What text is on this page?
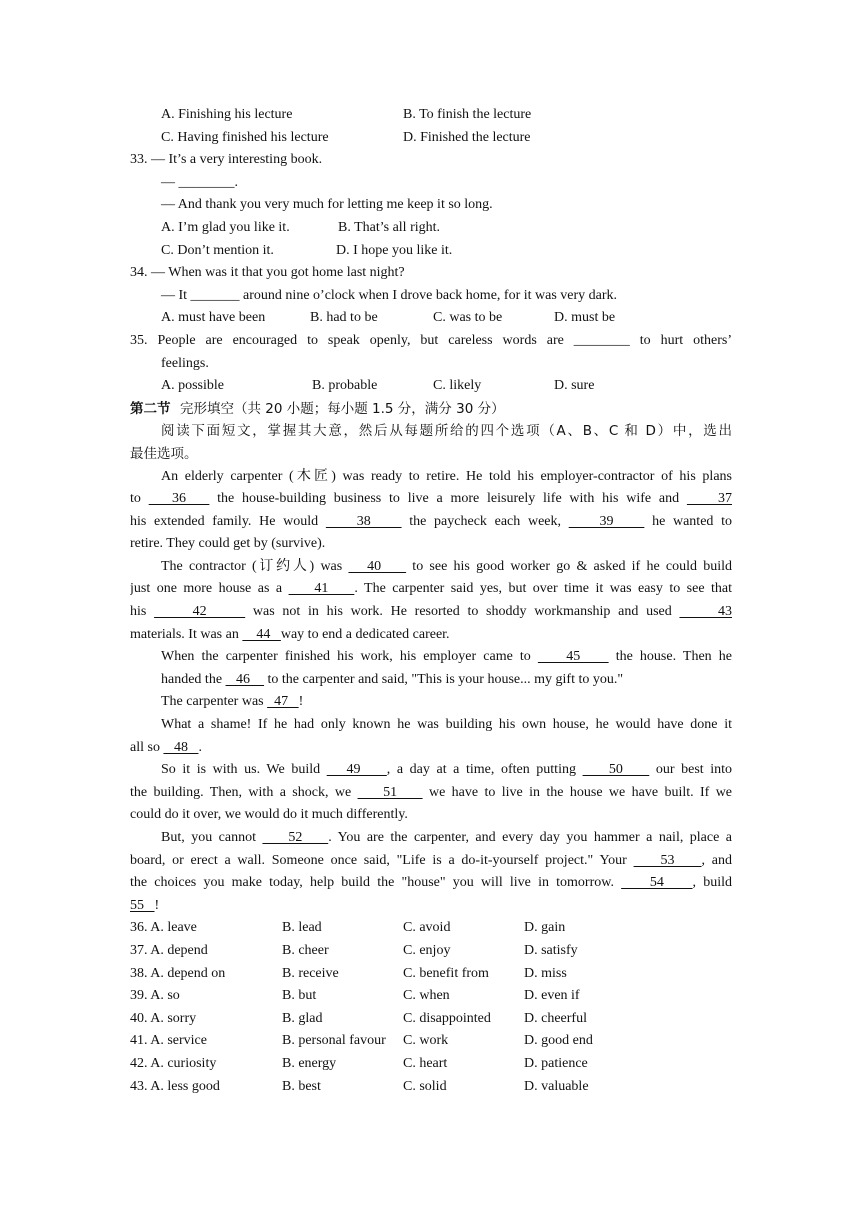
A. Finishing his lecture	B. To finish the lecture
C. Having finished his lecture	D. Finished the lecture
33. — It’s a very interesting book.
— ________.
— And thank you very much for letting me keep it so long.
A. I’m glad you like it.	B. That’s all right.
C. Don’t mention it.	D. I hope you like it.
34. — When was it that you got home last night?
— It _______ around nine o’clock when I drove back home, for it was very dark.
A. must have been	B. had to be	C. was to be	D. must be
35. People are encouraged to speak openly, but careless words are ________ to hurt others’
feelings.
A. possible	B. probable	C. likely	D. sure
第二节 完形填空（共 20 小题；每小题 1.5 分，满分 30 分）
阅读下面短文，掌握其大意，然后从每题所给的四个选项（A、B、C 和 D）中，选出
最佳选项。
An elderly carpenter (木匠) was ready to retire. He told his employer-contractor of his plans
to    36    the house-building business to live a more leisurely life with his wife and     37
his extended family. He would     38     the paycheck each week,     39     he wanted to
retire. They could get by (survive).
The contractor (订约人) was    40     to see his good worker go & asked if he could build
just one more house as a     41    . The carpenter said yes, but over time it was easy to see that
his      42      was not in his work. He resorted to shoddy workmanship and used      43
materials. It was an     44   way to end a dedicated career.
When the carpenter finished his work, his employer came to     45     the house. Then he
handed the    46     to the carpenter and said, "This is your house... my gift to you."
The carpenter was   47   !
What a shame! If he had only known he was building his own house, he would have done it
all so    48   .
So it is with us. We build    49    , a day at a time, often putting     50     our best into
the building. Then, with a shock, we     51     we have to live in the house we have built. If we
could do it over, we would do it much differently.
But, you cannot     52    . You are the carpenter, and every day you hammer a nail, place a
board, or erect a wall. Someone once said, "Life is a do-it-yourself project." Your     53    , and
the choices you make today, help build the "house" you will live in tomorrow.     54    , build
55   !
36. A. leave	B. lead	C. avoid	D. gain
37. A. depend	B. cheer	C. enjoy	D. satisfy
38. A. depend on	B. receive	C. benefit from	D. miss
39. A. so	B. but	C. when	D. even if
40. A. sorry	B. glad	C. disappointed D. cheerful
41. A. service	B. personal favour C. work	D. good end
42. A. curiosity	B. energy	C. heart	D. patience
43. A. less good	B. best	C. solid	D. valuable
